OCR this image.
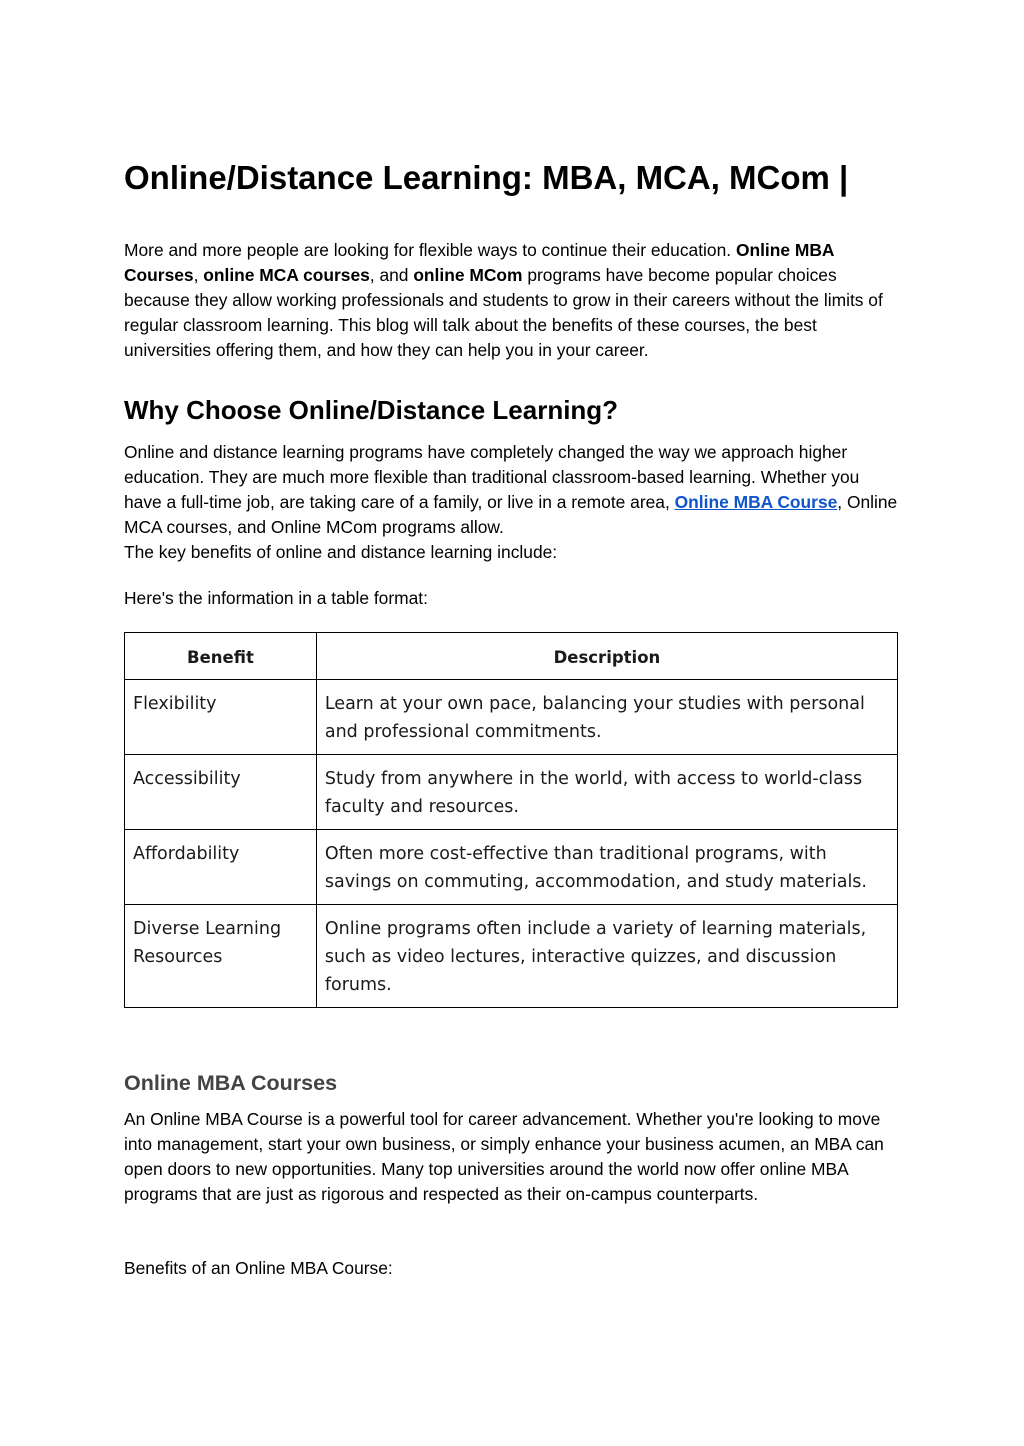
Online/Distance Learning: MBA, MCA, MCom |

More and more people are looking for flexible ways to continue their education. Online MBA Courses, online MCA courses, and online MCom programs have become popular choices because they allow working professionals and students to grow in their careers without the limits of regular classroom learning. This blog will talk about the benefits of these courses, the best universities offering them, and how they can help you in your career.

Why Choose Online/Distance Learning?

Online and distance learning programs have completely changed the way we approach higher education. They are much more flexible than traditional classroom-based learning. Whether you have a full-time job, are taking care of a family, or live in a remote area, Online MBA Course, Online MCA courses, and Online MCom programs allow.
The key benefits of online and distance learning include:

Here's the information in a table format:

Benefit	Description
Flexibility	Learn at your own pace, balancing your studies with personal and professional commitments.
Accessibility	Study from anywhere in the world, with access to world-class faculty and resources.
Affordability	Often more cost-effective than traditional programs, with savings on commuting, accommodation, and study materials.
Diverse Learning Resources	Online programs often include a variety of learning materials, such as video lectures, interactive quizzes, and discussion forums.
Online MBA Courses

An Online MBA Course is a powerful tool for career advancement. Whether you're looking to move into management, start your own business, or simply enhance your business acumen, an MBA can open doors to new opportunities. Many top universities around the world now offer online MBA programs that are just as rigorous and respected as their on-campus counterparts.

Benefits of an Online MBA Course:
